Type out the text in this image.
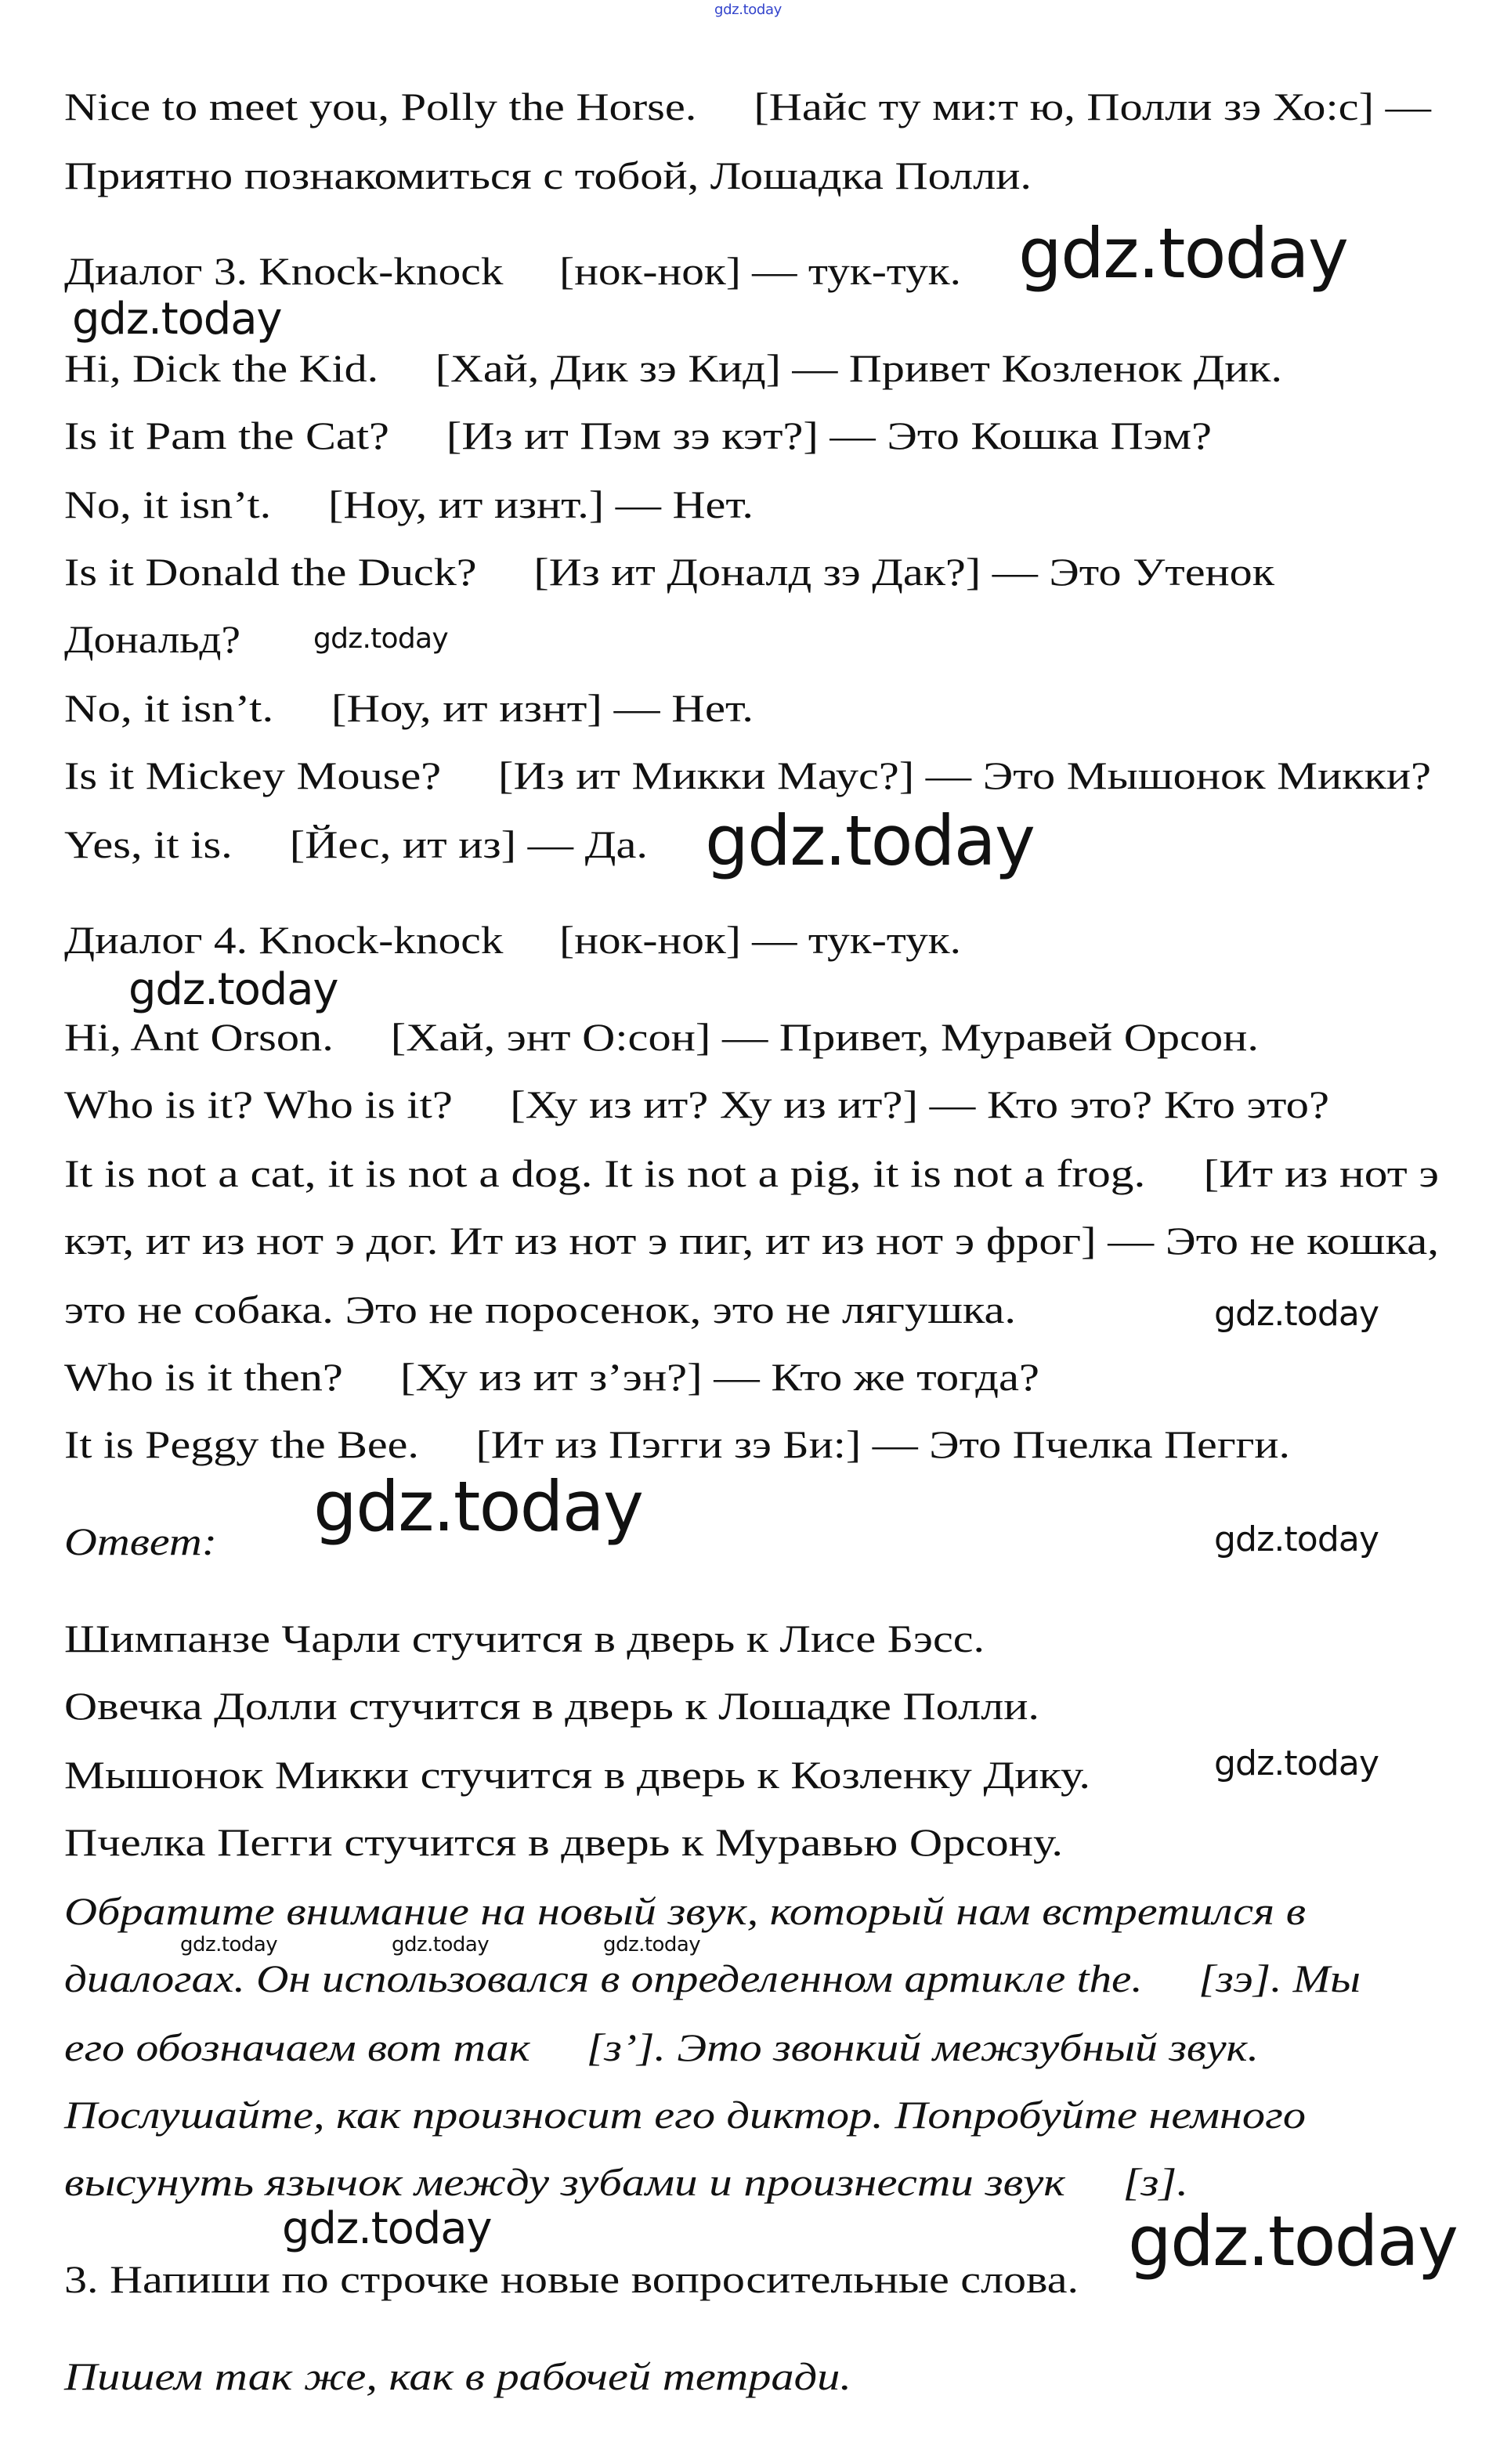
Nice to meet you, Polly the Horse.     [Найс ту ми:т ю, Полли зэ Хо:с] —
Приятно познакомиться с тобой, Лошадка Полли.
Диалог 3. Knock-knock     [нок-нок] — тук-тук.
Hi, Dick the Kid.     [Хай, Дик зэ Кид] — Привет Козленок Дик.
Is it Pam the Cat?     [Из ит Пэм зэ кэт?] — Это Кошка Пэм?
No, it isn’t.     [Ноу, ит изнт.] — Нет.
Is it Donald the Duck?     [Из ит Доналд зэ Дак?] — Это Утенок
Дональд?
No, it isn’t.     [Ноу, ит изнт] — Нет.
Is it Mickey Mouse?     [Из ит Микки Маус?] — Это Мышонок Микки?
Yes, it is.     [Йес, ит из] — Да.
Диалог 4. Knock-knock     [нок-нок] — тук-тук.
Hi, Ant Orson.     [Хай, энт О:сон] — Привет, Муравей Орсон.
Who is it? Who is it?     [Ху из ит? Ху из ит?] — Кто это? Кто это?
It is not a cat, it is not a dog. It is not a pig, it is not a frog.     [Ит из нот э
кэт, ит из нот э дог. Ит из нот э пиг, ит из нот э фрог] — Это не кошка,
это не собака. Это не поросенок, это не лягушка.
Who is it then?     [Ху из ит з’эн?] — Кто же тогда?
It is Peggy the Bee.     [Ит из Пэгги зэ Би:] — Это Пчелка Пегги.
Ответ:
Шимпанзе Чарли стучится в дверь к Лисе Бэсс.
Овечка Долли стучится в дверь к Лошадке Полли.
Мышонок Микки стучится в дверь к Козленку Дику.
Пчелка Пегги стучится в дверь к Муравью Орсону.
Обратите внимание на новый звук, который нам встретился в
диалогах. Он использовался в определенном артикле the.     [зэ]. Мы
его обозначаем вот так     [з’]. Это звонкий межзубный звук.
Послушайте, как произносит его диктор. Попробуйте немного
высунуть язычок между зубами и произнести звук     [з].
3. Напиши по строчке новые вопросительные слова.
Пишем так же, как в рабочей тетради.
gdz.today
gdz.today
gdz.today
gdz.today
gdz.today
gdz.today
gdz.today
gdz.today	gdz.today
gdz.today
gdz.today	gdz.today	gdz.today
gdz.today	gdz.today
